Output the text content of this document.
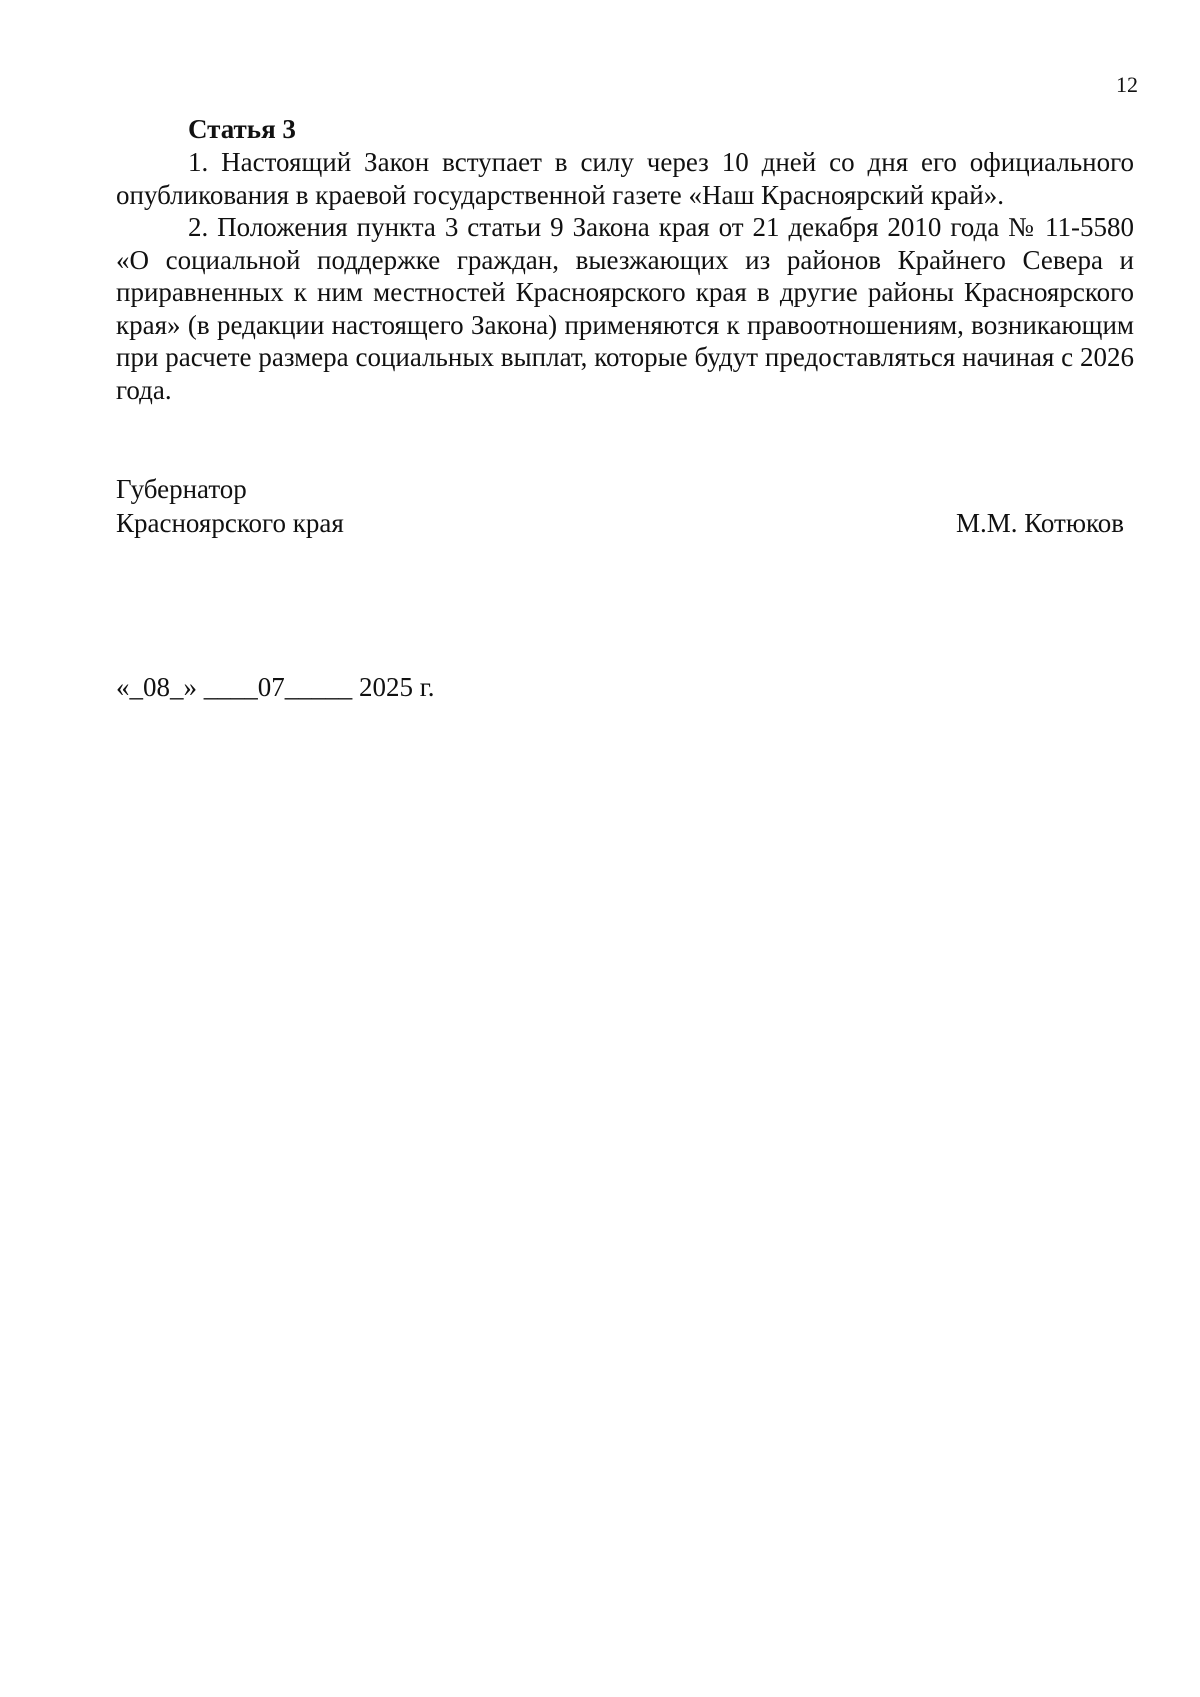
12
Статья 3

1. Настоящий Закон вступает в силу через 10 дней со дня его официального опубликования в краевой государственной газете «Наш Красноярский край».

2. Положения пункта 3 статьи 9 Закона края от 21 декабря 2010 года № 11-5580 «О социальной поддержке граждан, выезжающих из районов Крайнего Севера и приравненных к ним местностей Красноярского края в другие районы Красноярского края» (в редакции настоящего Закона) применяются к правоотношениям, возникающим при расчете размера социальных выплат, которые будут предоставляться начиная с 2026 года.

Губернатор
Красноярского края	М.М. Котюков
«_08_» ____07_____ 2025 г.
